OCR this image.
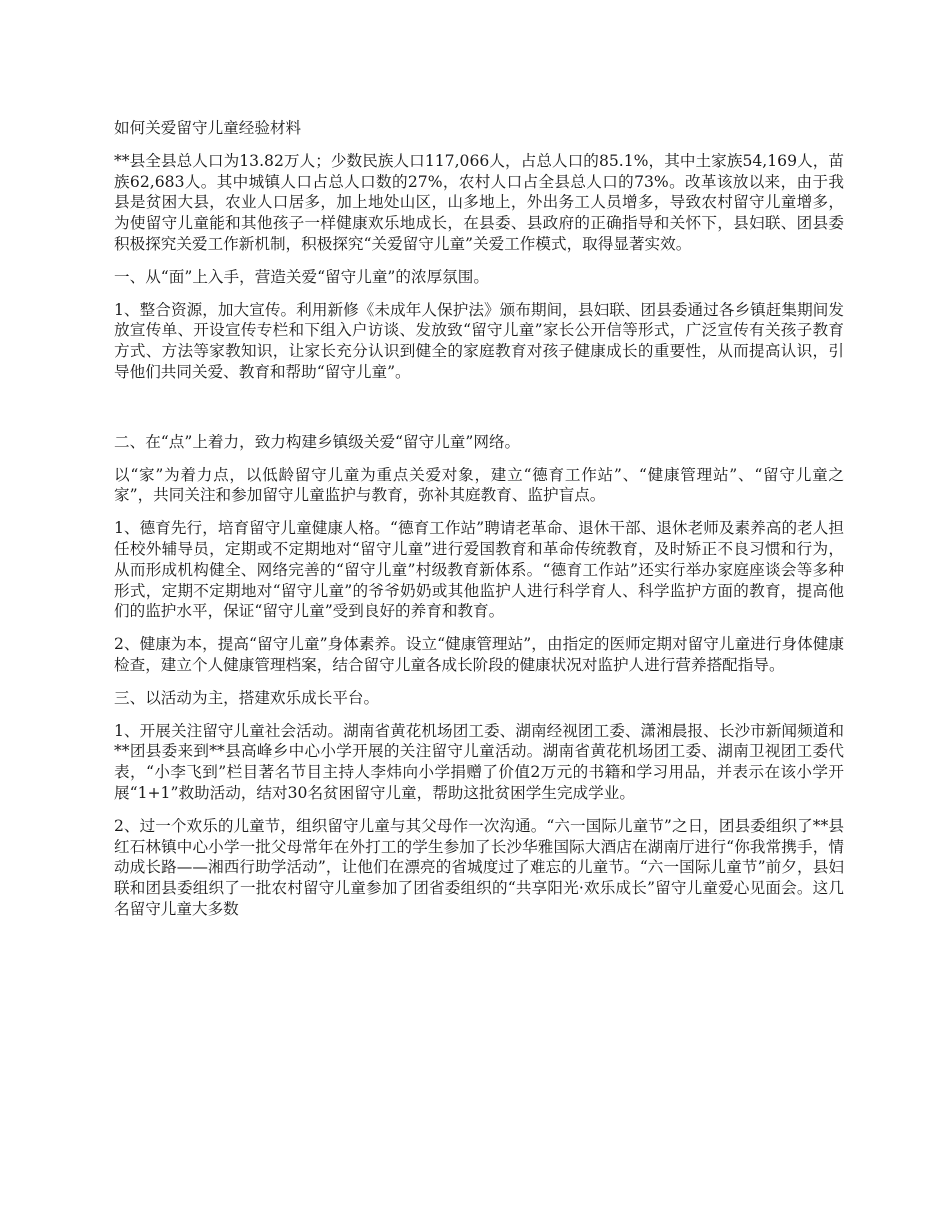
如何关爱留守儿童经验材料

**县全县总人口为13.82万人；少数民族人口117,066人，占总人口的85.1%，其中土家族54,169人，苗族62,683人。其中城镇人口占总人口数的27%，农村人口占全县总人口的73%。改革该放以来，由于我县是贫困大县，农业人口居多，加上地处山区，山多地上，外出务工人员增多，导致农村留守儿童增多，为使留守儿童能和其他孩子一样健康欢乐地成长，在县委、县政府的正确指导和关怀下，县妇联、团县委积极探究关爱工作新机制，积极探究“关爱留守儿童”关爱工作模式，取得显著实效。

一、从“面”上入手，营造关爱“留守儿童”的浓厚氛围。

1、整合资源，加大宣传。利用新修《未成年人保护法》颁布期间，县妇联、团县委通过各乡镇赶集期间发放宣传单、开设宣传专栏和下组入户访谈、发放致“留守儿童”家长公开信等形式，广泛宣传有关孩子教育方式、方法等家教知识，让家长充分认识到健全的家庭教育对孩子健康成长的重要性，从而提高认识，引导他们共同关爱、教育和帮助“留守儿童”。

二、在“点”上着力，致力构建乡镇级关爱“留守儿童”网络。

以“家”为着力点，以低龄留守儿童为重点关爱对象，建立“德育工作站”、“健康管理站”、“留守儿童之家”，共同关注和参加留守儿童监护与教育，弥补其庭教育、监护盲点。

1、德育先行，培育留守儿童健康人格。“德育工作站”聘请老革命、退休干部、退休老师及素养高的老人担任校外辅导员，定期或不定期地对“留守儿童”进行爱国教育和革命传统教育，及时矫正不良习惯和行为，从而形成机构健全、网络完善的“留守儿童”村级教育新体系。“德育工作站”还实行举办家庭座谈会等多种形式，定期不定期地对“留守儿童”的爷爷奶奶或其他监护人进行科学育人、科学监护方面的教育，提高他们的监护水平，保证“留守儿童”受到良好的养育和教育。

2、健康为本，提高“留守儿童”身体素养。设立“健康管理站”，由指定的医师定期对留守儿童进行身体健康检查，建立个人健康管理档案，结合留守儿童各成长阶段的健康状况对监护人进行营养搭配指导。

三、以活动为主，搭建欢乐成长平台。

1、开展关注留守儿童社会活动。湖南省黄花机场团工委、湖南经视团工委、潇湘晨报、长沙市新闻频道和**团县委来到**县高峰乡中心小学开展的关注留守儿童活动。湖南省黄花机场团工委、湖南卫视团工委代表，“小李飞到”栏目著名节目主持人李炜向小学捐赠了价值2万元的书籍和学习用品，并表示在该小学开展“1+1”救助活动，结对30名贫困留守儿童，帮助这批贫困学生完成学业。

2、过一个欢乐的儿童节，组织留守儿童与其父母作一次沟通。“六一国际儿童节”之日，团县委组织了**县红石林镇中心小学一批父母常年在外打工的学生参加了长沙华雅国际大酒店在湖南厅进行“你我常携手，情动成长路——湘西行助学活动”，让他们在漂亮的省城度过了难忘的儿童节。“六一国际儿童节”前夕，县妇联和团县委组织了一批农村留守儿童参加了团省委组织的“共享阳光·欢乐成长”留守儿童爱心见面会。这几名留守儿童大多数
